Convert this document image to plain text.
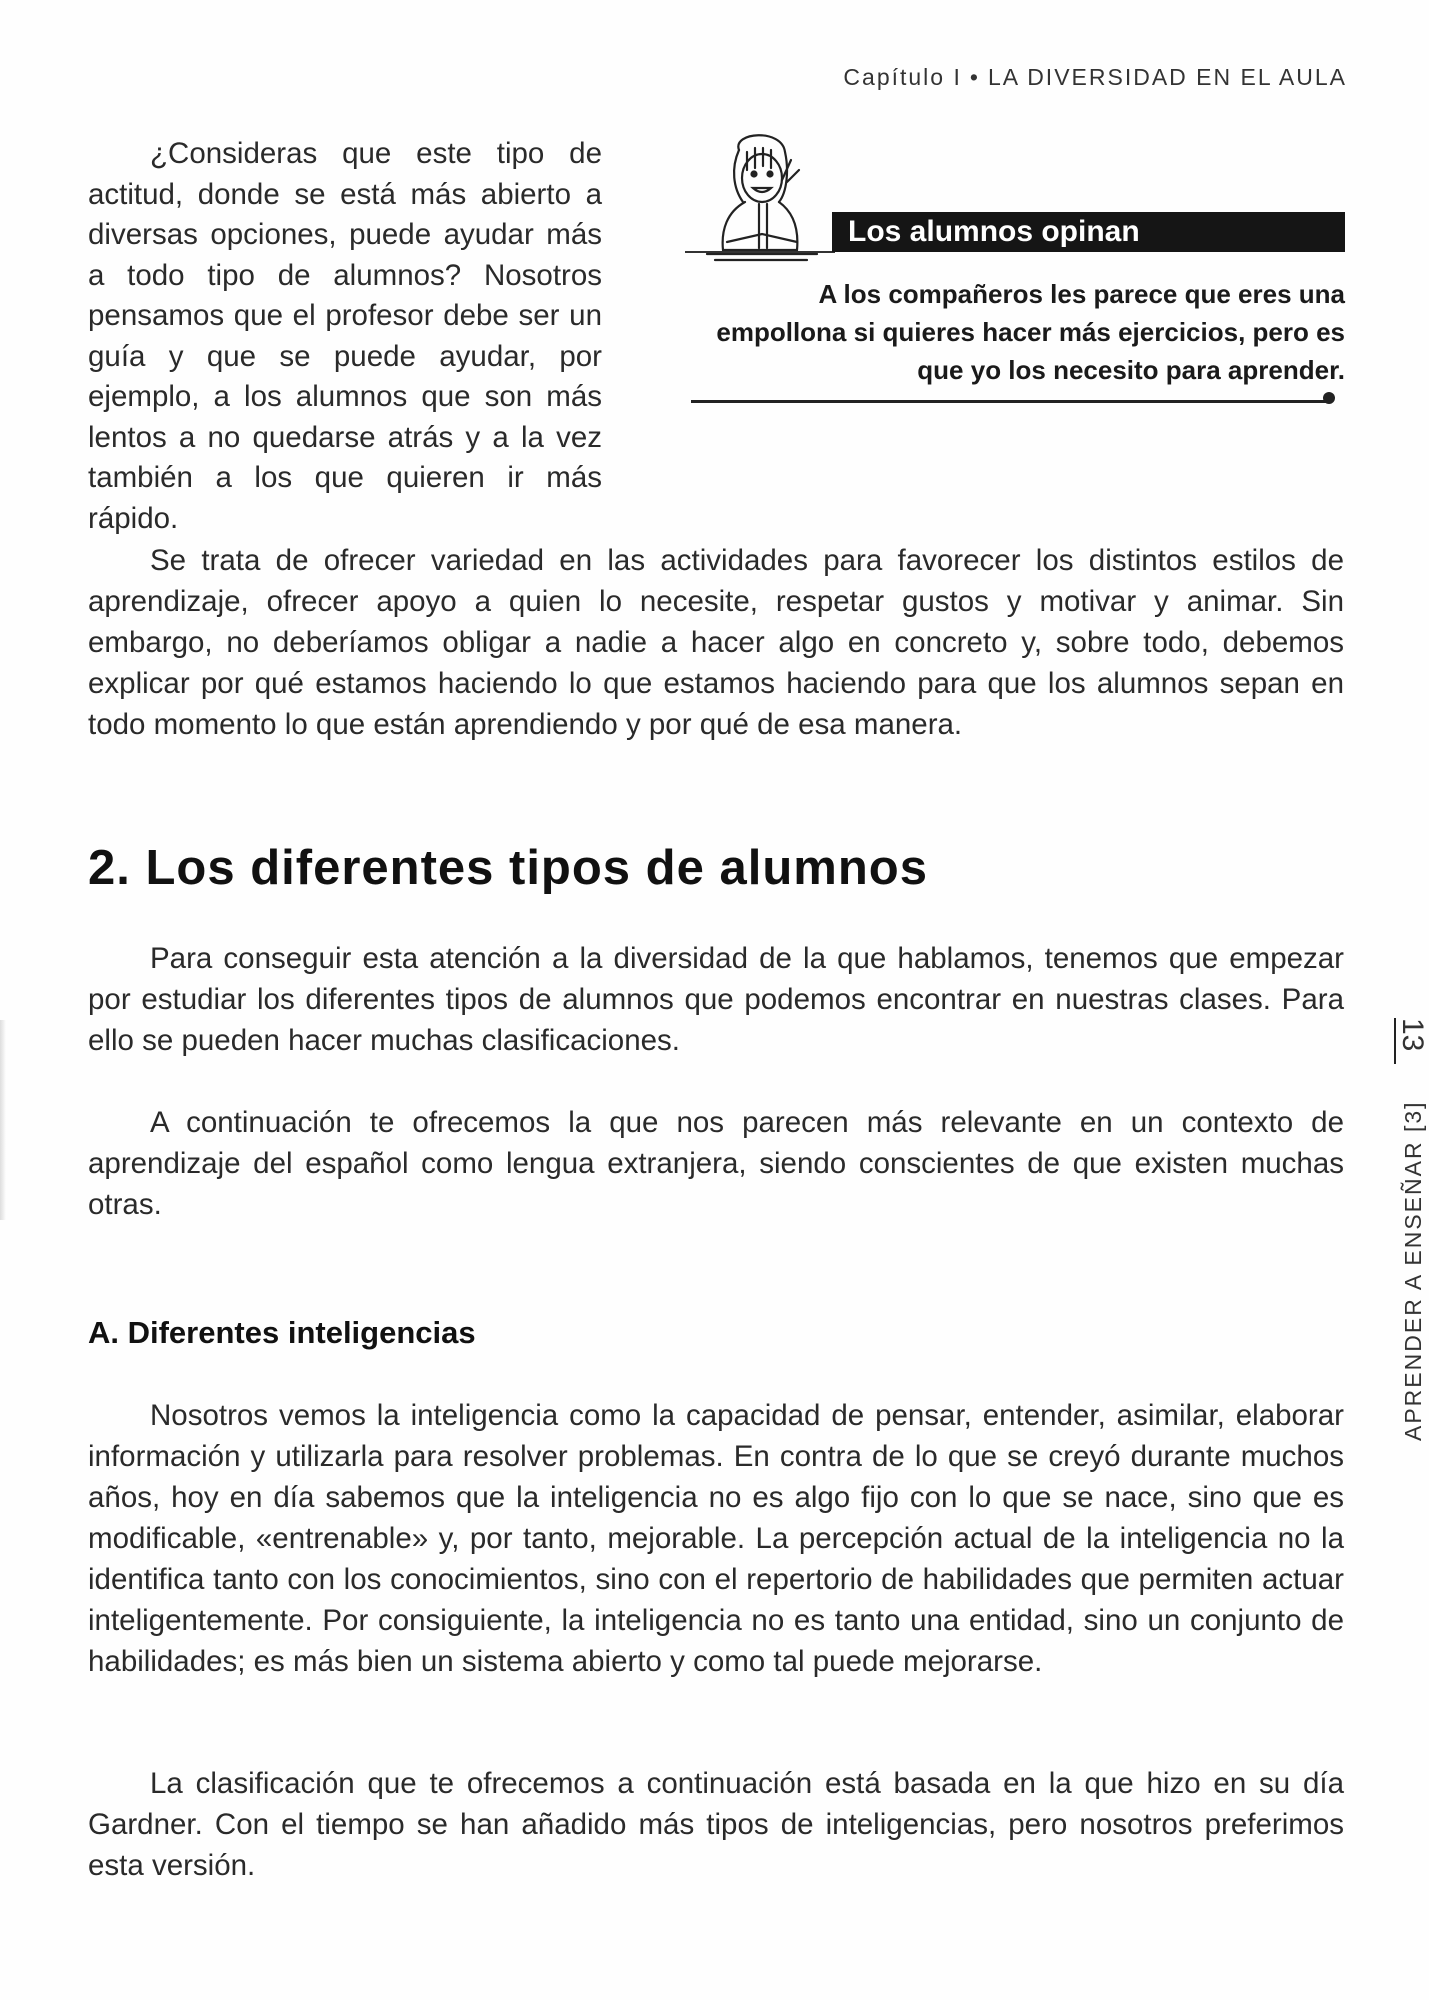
Capítulo I • LA DIVERSIDAD EN EL AULA

¿Consideras que este tipo de actitud, donde se está más abierto a diversas opciones, puede ayudar más a todo tipo de alumnos? Nosotros pensamos que el profesor debe ser un guía y que se puede ayudar, por ejemplo, a los alumnos que son más lentos a no quedarse atrás y a la vez también a los que quieren ir más rápido.

Los alumnos opinan

A los compañeros les parece que eres una empollona si quieres hacer más ejercicios, pero es que yo los necesito para aprender.

Se trata de ofrecer variedad en las actividades para favorecer los distintos estilos de aprendizaje, ofrecer apoyo a quien lo necesite, respetar gustos y motivar y animar. Sin embargo, no deberíamos obligar a nadie a hacer algo en concreto y, sobre todo, debemos explicar por qué estamos haciendo lo que estamos haciendo para que los alumnos sepan en todo momento lo que están aprendiendo y por qué de esa manera.

2. Los diferentes tipos de alumnos

Para conseguir esta atención a la diversidad de la que hablamos, tenemos que empezar por estudiar los diferentes tipos de alumnos que podemos encontrar en nuestras clases. Para ello se pueden hacer muchas clasificaciones.

A continuación te ofrecemos la que nos parecen más relevante en un contexto de aprendizaje del español como lengua extranjera, siendo conscientes de que existen muchas otras.

A. Diferentes inteligencias

Nosotros vemos la inteligencia como la capacidad de pensar, entender, asimilar, elaborar información y utilizarla para resolver problemas. En contra de lo que se creyó durante muchos años, hoy en día sabemos que la inteligencia no es algo fijo con lo que se nace, sino que es modificable, «entrenable» y, por tanto, mejorable. La percepción actual de la inteligencia no la identifica tanto con los conocimientos, sino con el repertorio de habilidades que permiten actuar inteligentemente. Por consiguiente, la inteligencia no es tanto una entidad, sino un conjunto de habilidades; es más bien un sistema abierto y como tal puede mejorarse.

La clasificación que te ofrecemos a continuación está basada en la que hizo en su día Gardner. Con el tiempo se han añadido más tipos de inteligencias, pero nosotros preferimos esta versión.

13
APRENDER A ENSEÑAR [3]
